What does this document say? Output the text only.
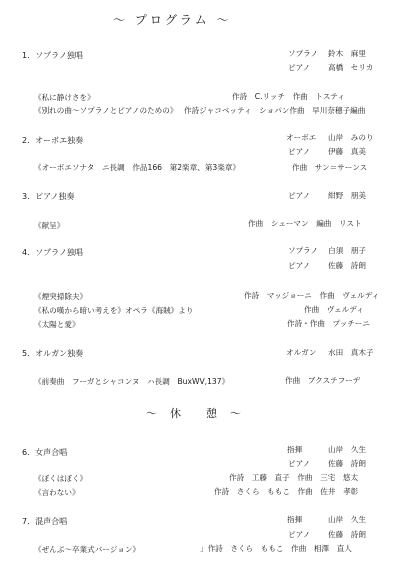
～ プログラム ～
1．ソプラノ独唱	ソプラノ 鈴木　麻里
ピアノ 高橋　セリカ
《私に静けさを》	作詩　C.リッチ　作曲　トスティ
《別れの曲～ソプラノとピアノのための》 作詩ジャコベッティ　ショパン作曲　早川奈穂子編曲
2．オーボエ独奏	オーボエ 山岸　みのり
ピアノ 伊藤　真美
《オーボエソナタ　ニ長調　作品166　第2楽章、第3楽章》	作曲　サン＝サーンス
3．ピアノ独奏	ピアノ 紺野　朋美
《献呈》	作曲　シューマン　編曲　リスト
4．ソプラノ独唱	ソプラノ 白須　朋子
ピアノ 佐藤　詩朗
《煙突掃除夫》	作詩　マッジョーニ　作曲　ヴェルディ
《私の嘆から暗い考えを》オペラ《海賊》より	作曲　ヴェルディ
《太陽と愛》	作詩・作曲　プッチーニ
5．オルガン独奏	オルガン 水田　真木子
《前奏曲　フーガとシャコンヌ　ハ長調　BuxWV,137》	作曲　ブクステフーデ
～　休　　憩　～
6．女声合唱	指揮	山岸　久生
ピアノ 佐藤　詩朗
《ぼくはぼく》	作詩　工藤　直子　作曲　三宅　悠太
《言わない》	作詩　さくら　ももこ　作曲　佐井　孝彰
7．混声合唱	指揮	山岸　久生
ピアノ 佐藤　詩朗
《ぜんぶ～卒業式バージョン》	」作詩　さくら　ももこ　作曲　相澤　直人
